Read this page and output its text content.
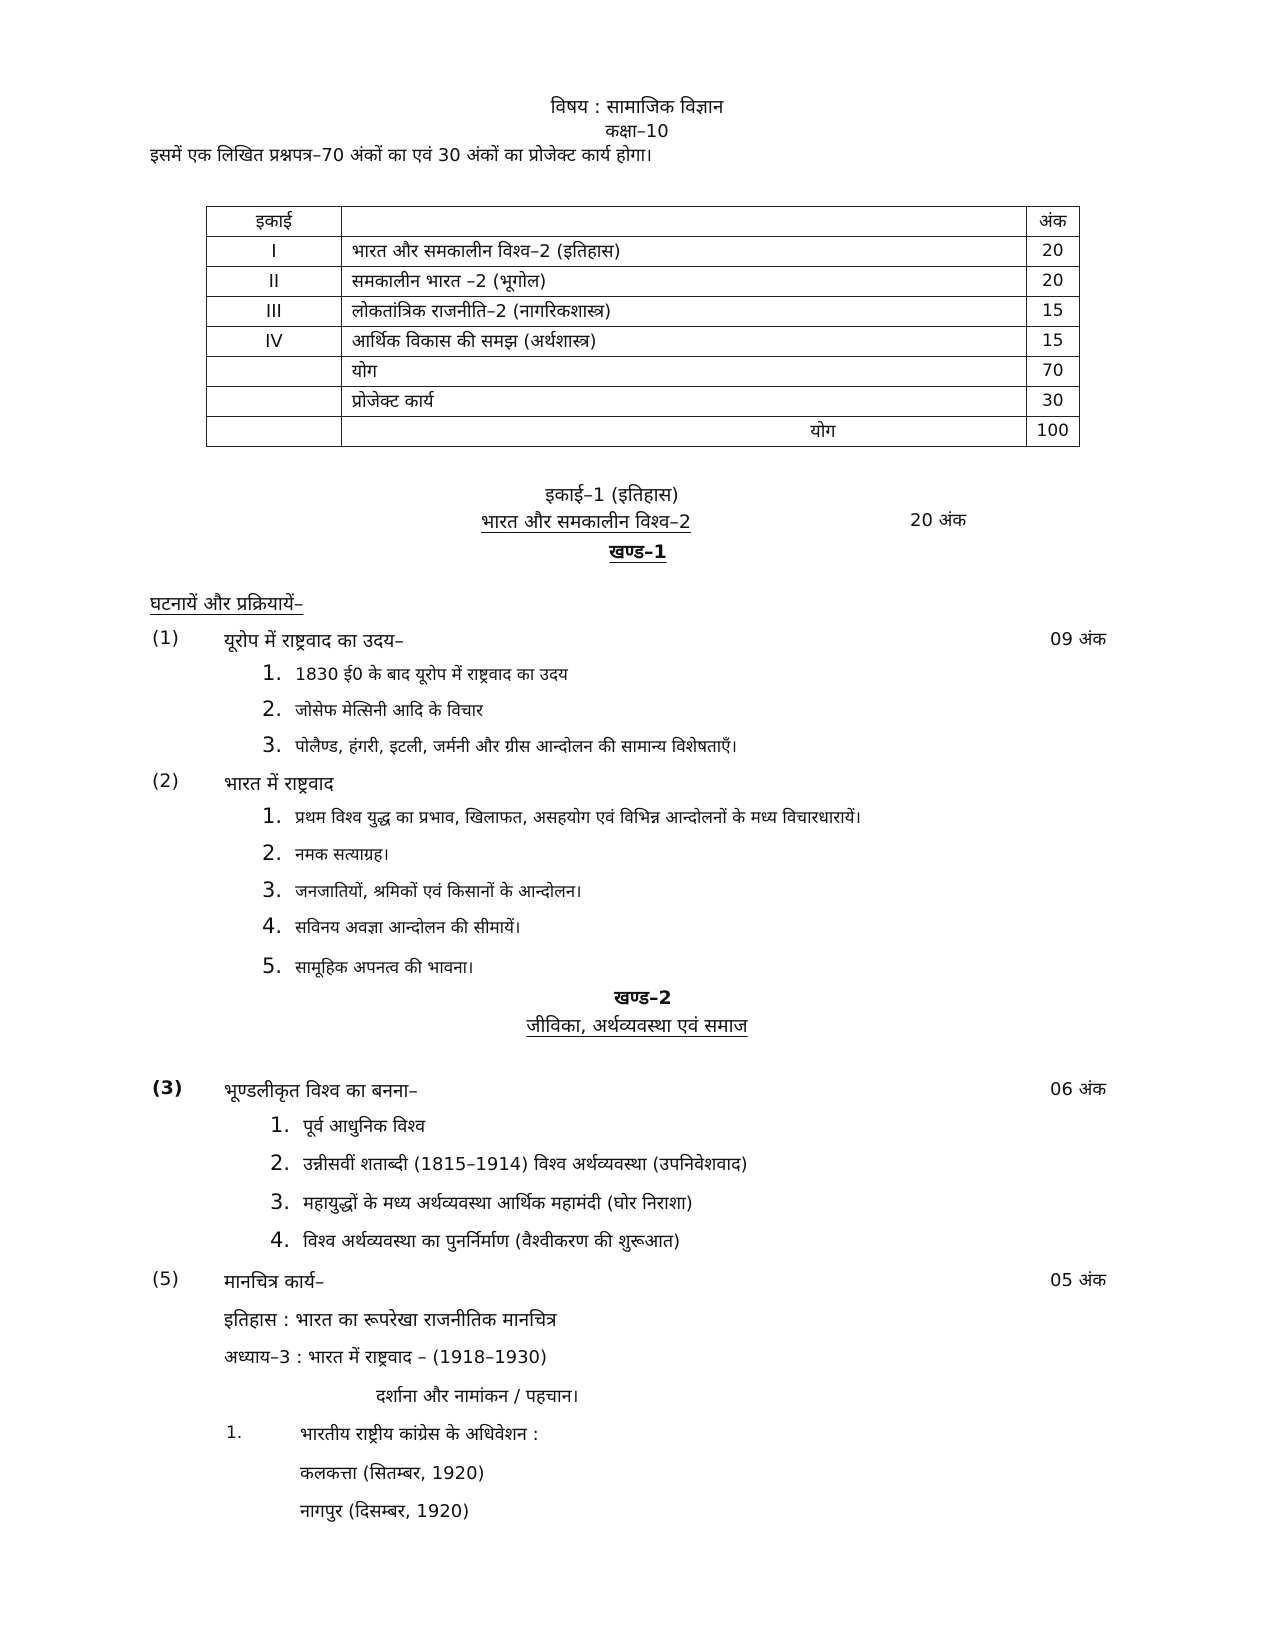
विषय : सामाजिक विज्ञान
कक्षा–10
इसमें एक लिखित प्रश्नपत्र–70 अंकों का एवं 30 अंकों का प्रोजेक्ट कार्य होगा।
इकाई		अंक
I	भारत और समकालीन विश्व–2 (इतिहास)	20
II	समकालीन भारत –2 (भूगोल)	20
III	लोकतांत्रिक राजनीति–2 (नागरिकशास्त्र)	15
IV	आर्थिक विकास की समझ (अर्थशास्त्र)	15
	योग	70
	प्रोजेक्ट कार्य	30
	योग	100
इकाई–1 (इतिहास)
भारत और समकालीन विश्व–2	20 अंक
खण्ड–1
घटनायें और प्रक्रियायें–
(1) यूरोप में राष्ट्रवाद का उदय–	09 अंक
1. 1830 ई0 के बाद यूरोप में राष्ट्रवाद का उदय
2. जोसेफ मेत्सिनी आदि के विचार
3. पोलैण्ड, हंगरी, इटली, जर्मनी और ग्रीस आन्दोलन की सामान्य विशेषताएँ।
(2) भारत में राष्ट्रवाद
1. प्रथम विश्व युद्ध का प्रभाव, खिलाफत, असहयोग एवं विभिन्न आन्दोलनों के मध्य विचारधारायें।
2. नमक सत्याग्रह।
3. जनजातियों, श्रमिकों एवं किसानों के आन्दोलन।
4. सविनय अवज्ञा आन्दोलन की सीमायें।
5. सामूहिक अपनत्व की भावना।
खण्ड–2
जीविका, अर्थव्यवस्था एवं समाज
(3) भूण्डलीकृत विश्व का बनना–	06 अंक
1. पूर्व आधुनिक विश्व
2. उन्नीसवीं शताब्दी (1815–1914) विश्व अर्थव्यवस्था (उपनिवेशवाद)
3. महायुद्धों के मध्य अर्थव्यवस्था आर्थिक महामंदी (घोर निराशा)
4. विश्व अर्थव्यवस्था का पुनर्निर्माण (वैश्वीकरण की शुरूआत)
(5) मानचित्र कार्य–	05 अंक
इतिहास : भारत का रूपरेखा राजनीतिक मानचित्र
अध्याय–3 : भारत में राष्ट्रवाद – (1918–1930)
दर्शाना और नामांकन / पहचान।
1.	भारतीय राष्ट्रीय कांग्रेस के अधिवेशन :
कलकत्ता (सितम्बर, 1920)
नागपुर (दिसम्बर, 1920)
